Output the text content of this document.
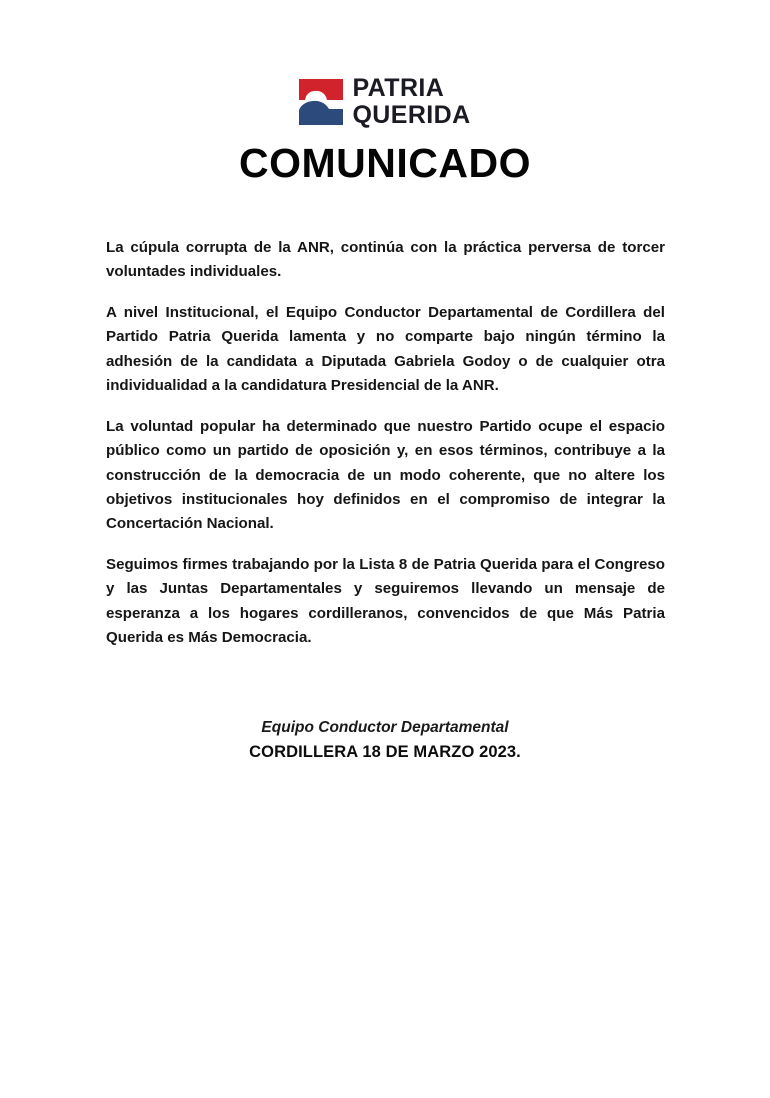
PATRIA
QUERIDA
COMUNICADO

La cúpula corrupta de la ANR, continúa con la práctica perversa de torcer voluntades individuales.

A nivel Institucional, el Equipo Conductor Departamental de Cordillera del Partido Patria Querida lamenta y no comparte bajo ningún término la adhesión de la candidata a Diputada Gabriela Godoy o de cualquier otra individualidad a la candidatura Presidencial de la ANR.

La voluntad popular ha determinado que nuestro Partido ocupe el espacio público como un partido de oposición y, en esos términos, contribuye a la construcción de la democracia de un modo coherente, que no altere los objetivos institucionales hoy definidos en el compromiso de integrar la Concertación Nacional.

Seguimos firmes trabajando por la Lista 8 de Patria Querida para el Congreso y las Juntas Departamentales y seguiremos llevando un mensaje de esperanza a los hogares cordilleranos, convencidos de que Más Patria Querida es Más Democracia.

Equipo Conductor Departamental
CORDILLERA 18 DE MARZO 2023.
